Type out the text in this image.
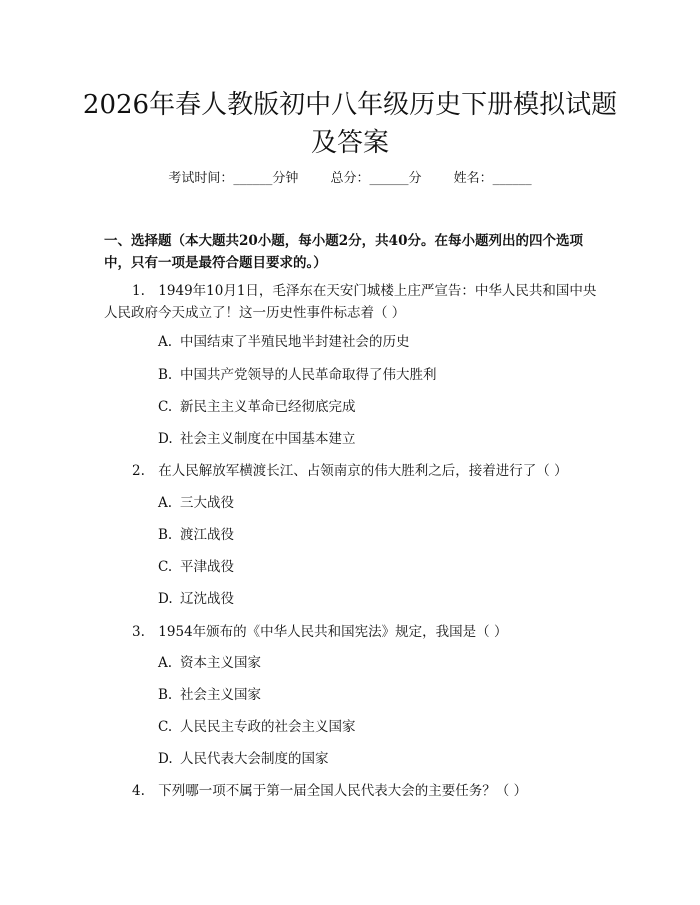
2026年春人教版初中八年级历史下册模拟试题及答案
考试时间：______分钟 总分：______分 姓名：______

一、选择题（本大题共20小题，每小题2分，共40分。在每小题列出的四个选项中，只有一项是最符合题目要求的。）

1. 1949年10月1日，毛泽东在天安门城楼上庄严宣告：中华人民共和国中央人民政府今天成立了！这一历史性事件标志着（ ）

A. 中国结束了半殖民地半封建社会的历史

B. 中国共产党领导的人民革命取得了伟大胜利

C. 新民主主义革命已经彻底完成

D. 社会主义制度在中国基本建立

2. 在人民解放军横渡长江、占领南京的伟大胜利之后，接着进行了（ ）

A. 三大战役

B. 渡江战役

C. 平津战役

D. 辽沈战役

3. 1954年颁布的《中华人民共和国宪法》规定，我国是（ ）

A. 资本主义国家

B. 社会主义国家

C. 人民民主专政的社会主义国家

D. 人民代表大会制度的国家

4. 下列哪一项不属于第一届全国人民代表大会的主要任务？（ ）
